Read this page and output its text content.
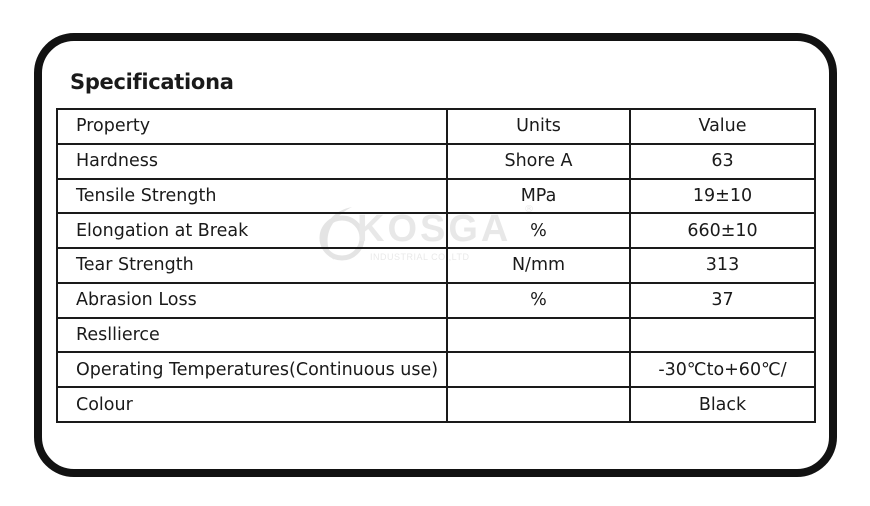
Specificationa
KOSGA ®
INDUSTRIAL CO.,LTD
Property	Units	Value
Hardness	Shore A	63
Tensile Strength	MPa	19±10
Elongation at Break	%	660±10
Tear Strength	N/mm	313
Abrasion Loss	%	37
Resllierce		
Operating Temperatures(Continuous use)		-30℃to+60℃/
Colour		Black
